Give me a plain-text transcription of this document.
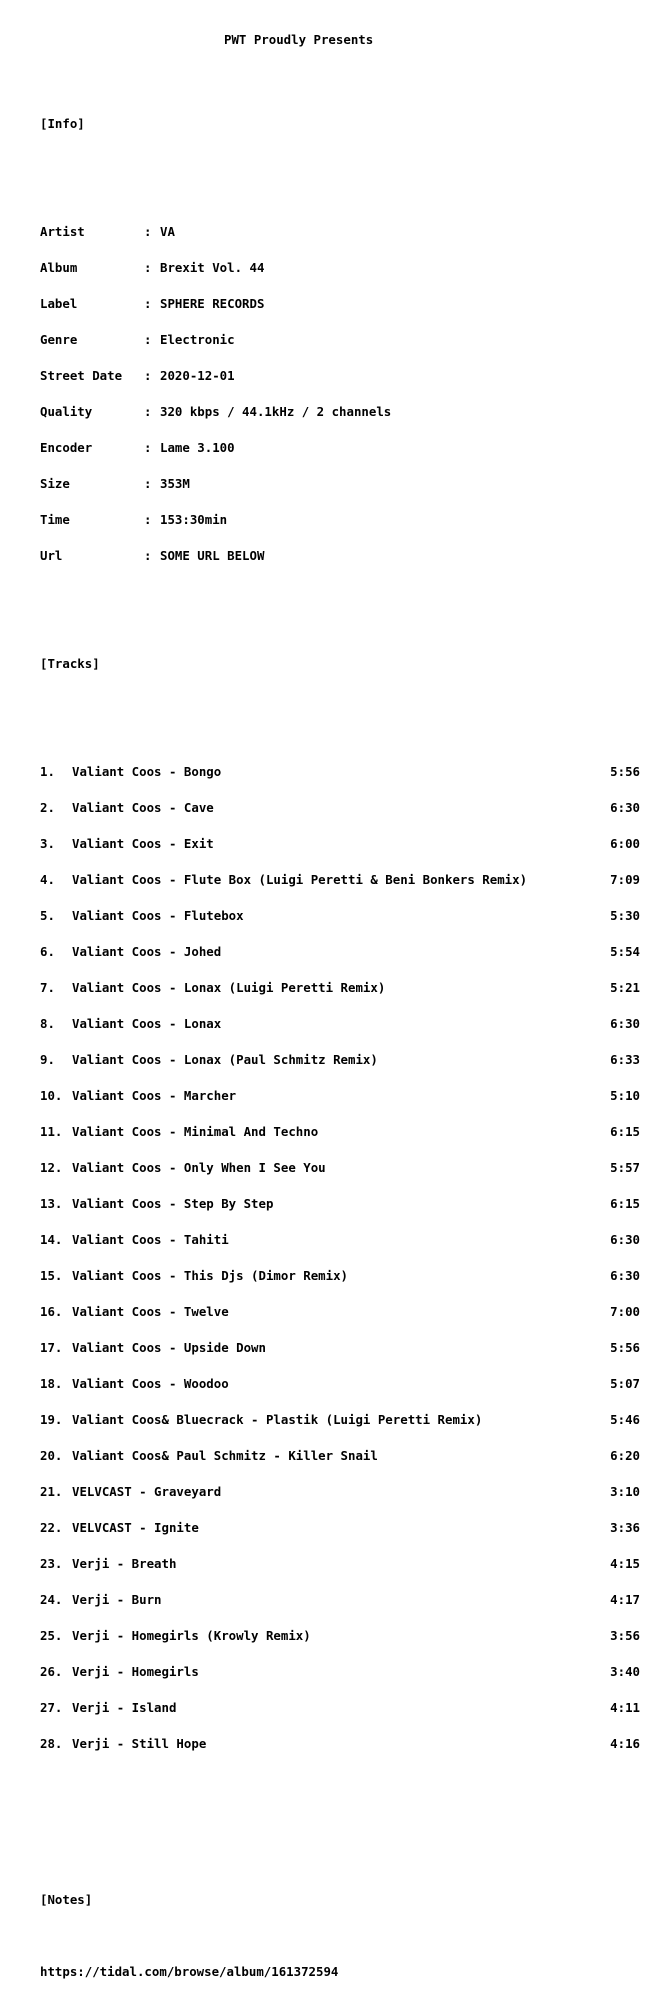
PWT Proudly Presents

[Info]

Artist	: VA

Album	: Brexit Vol. 44

Label	: SPHERE RECORDS

Genre	: Electronic

Street Date : 2020-12-01

Quality	: 320 kbps / 44.1kHz / 2 channels

Encoder	: Lame 3.100

Size	: 353M

Time	: 153:30min

Url	: SOME URL BELOW

[Tracks]

1.	Valiant Coos - Bongo	5:56

2.	Valiant Coos - Cave	6:30

3.	Valiant Coos - Exit	6:00

4.	Valiant Coos - Flute Box (Luigi Peretti & Beni Bonkers Remix)	7:09

5.	Valiant Coos - Flutebox	5:30

6.	Valiant Coos - Johed	5:54

7.	Valiant Coos - Lonax (Luigi Peretti Remix)	5:21

8.	Valiant Coos - Lonax	6:30

9.	Valiant Coos - Lonax (Paul Schmitz Remix)	6:33

10. Valiant Coos - Marcher	5:10

11. Valiant Coos - Minimal And Techno	6:15

12. Valiant Coos - Only When I See You	5:57

13. Valiant Coos - Step By Step	6:15

14. Valiant Coos - Tahiti	6:30

15. Valiant Coos - This Djs (Dimor Remix)	6:30

16. Valiant Coos - Twelve	7:00

17. Valiant Coos - Upside Down	5:56

18. Valiant Coos - Woodoo	5:07

19. Valiant Coos& Bluecrack - Plastik (Luigi Peretti Remix)	5:46

20. Valiant Coos& Paul Schmitz - Killer Snail	6:20

21. VELVCAST - Graveyard	3:10

22. VELVCAST - Ignite	3:36

23. Verji - Breath	4:15

24. Verji - Burn	4:17

25. Verji - Homegirls (Krowly Remix)	3:56

26. Verji - Homegirls	3:40

27. Verji - Island	4:11

28. Verji - Still Hope	4:16

[Notes]

https://tidal.com/browse/album/161372594
